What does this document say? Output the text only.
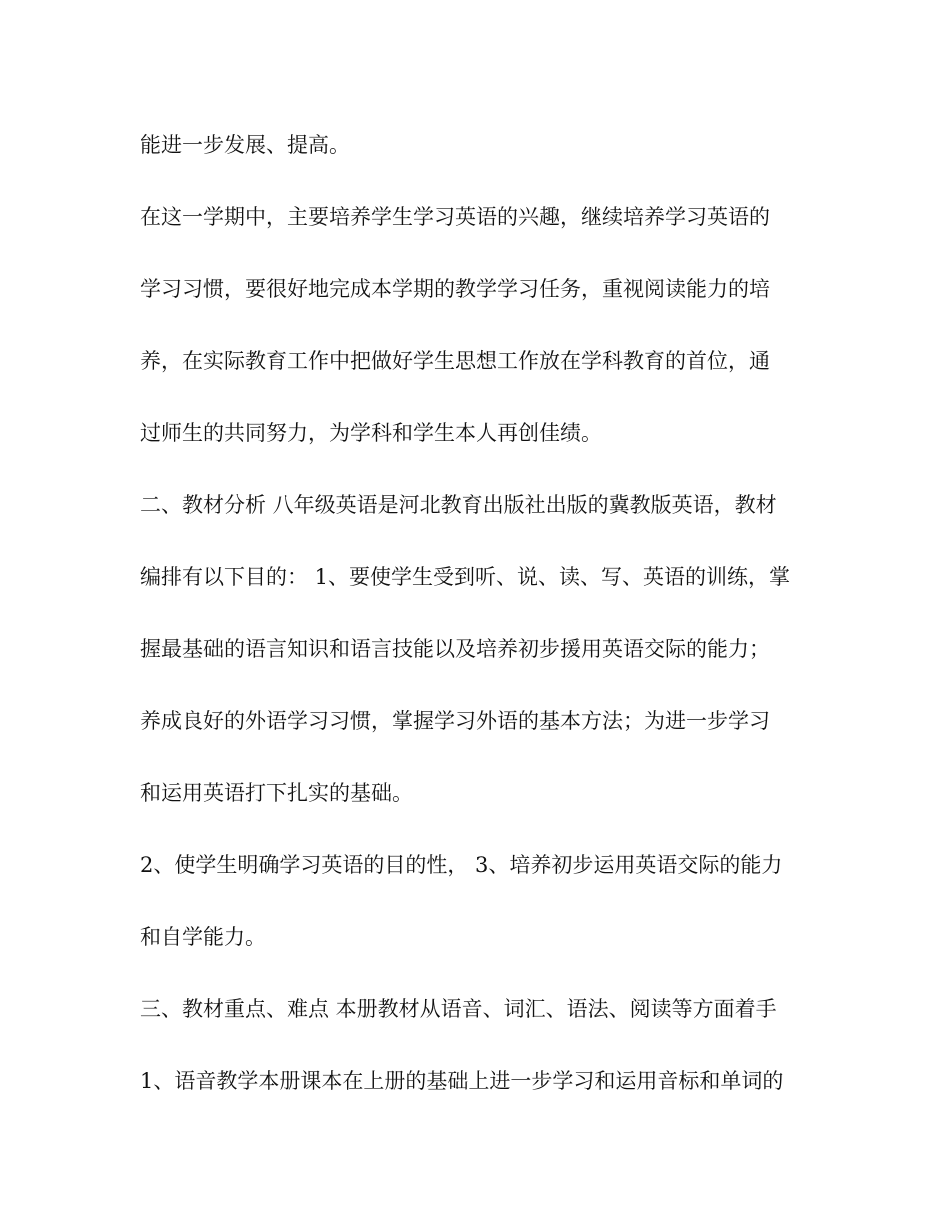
能进一步发展、提高。
在这一学期中，主要培养学生学习英语的兴趣，继续培养学习英语的
学习习惯，要很好地完成本学期的教学学习任务，重视阅读能力的培
养，在实际教育工作中把做好学生思想工作放在学科教育的首位，通
过师生的共同努力，为学科和学生本人再创佳绩。
二、教材分析 八年级英语是河北教育出版社出版的冀教版英语，教材
编排有以下目的： 1、要使学生受到听、说、读、写、英语的训练，掌
握最基础的语言知识和语言技能以及培养初步援用英语交际的能力；
养成良好的外语学习习惯，掌握学习外语的基本方法；为进一步学习
和运用英语打下扎实的基础。
2、使学生明确学习英语的目的性， 3、培养初步运用英语交际的能力
和自学能力。
三、教材重点、难点 本册教材从语音、词汇、语法、阅读等方面着手
1、语音教学本册课本在上册的基础上进一步学习和运用音标和单词的
